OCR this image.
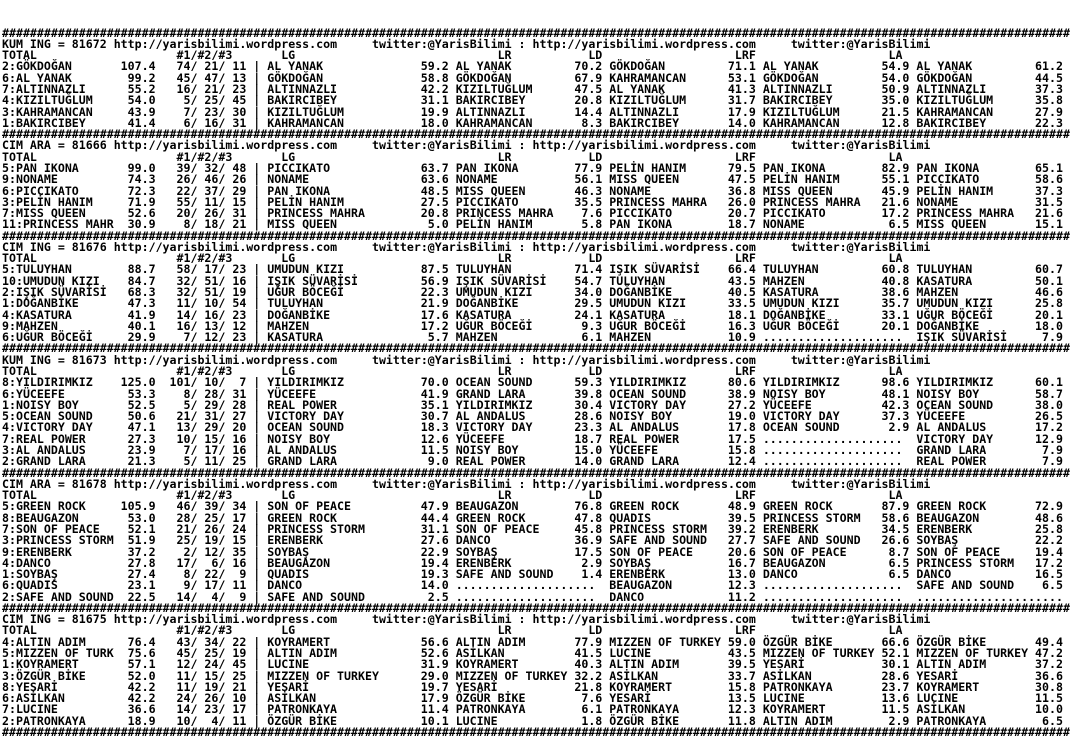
#########################################################################################################################################################
KUM ING = 81672 http://yarisbilimi.wordpress.com	twitter:@YarisBilimi : http://yarisbilimi.wordpress.com	twitter:@YarisBilimi
TOTAL                    #1/#2/#3       LG                             LR           LD                   LRF                   LA
2:GÖKDOĞAN       107.4   74/ 21/ 11 | AL YANAK              59.2 AL YANAK         70.2 GÖKDOĞAN         71.1 AL YANAK         54.9 AL YANAK         61.2
6:AL YANAK        99.2   45/ 47/ 13 | GÖKDOĞAN              58.8 GÖKDOĞAN         67.9 KAHRAMANCAN      53.1 GÖKDOĞAN         54.0 GÖKDOĞAN         44.5
7:ALTINNAZLI      55.2   16/ 21/ 23 | ALTINNAZLI            42.2 KIZILTUĞLUM      47.5 AL YANAK         41.3 ALTINNAZLI       50.9 ALTINNAZLI       37.3
4:KIZILTUĞLUM     54.0    5/ 25/ 45 | BAKIRCIBEY            31.1 BAKIRCIBEY       20.8 KIZILTUĞLUM      31.7 BAKIRCIBEY       35.0 KIZILTUĞLUM      35.8
3:KAHRAMANCAN     43.9    7/ 23/ 30 | KIZILTUĞLUM           19.9 ALTINNAZLI       14.4 ALTINNAZLI       17.9 KIZILTUĞLUM      21.5 KAHRAMANCAN      27.9
1:BAKIRCIBEY      41.4    6/ 16/ 31 | KAHRAMANCAN           18.0 KAHRAMANCAN       8.3 BAKIRCIBEY       14.0 KAHRAMANCAN      12.8 BAKIRCIBEY       22.3
#########################################################################################################################################################
CIM ARA = 81666 http://yarisbilimi.wordpress.com	twitter:@YarisBilimi : http://yarisbilimi.wordpress.com	twitter:@YarisBilimi
TOTAL                    #1/#2/#3       LG                             LR           LD                   LRF                   LA
5:PAN IKONA       99.0   39/ 32/ 48 | PICCIKATO             63.7 PAN IKONA        77.9 PELİN HANIM      79.5 PAN IKONA        82.9 PAN IKONA        65.1
9:NONAME          74.3   26/ 46/ 26 | NONAME                63.6 NONAME           56.1 MISS QUEEN       47.5 PELİN HANIM      55.1 PICCIKATO        58.6
6:PICCIKATO       72.3   22/ 37/ 29 | PAN IKONA             48.5 MISS QUEEN       46.3 NONAME           36.8 MISS QUEEN       45.9 PELİN HANIM      37.3
3:PELİN HANIM     71.9   55/ 11/ 15 | PELİN HANIM           27.5 PICCIKATO        35.5 PRINCESS MAHRA   26.0 PRINCESS MAHRA   21.6 NONAME           31.5
7:MISS QUEEN      52.6   20/ 26/ 31 | PRINCESS MAHRA        20.8 PRINCESS MAHRA    7.6 PICCIKATO        20.7 PICCIKATO        17.2 PRINCESS MAHRA   21.6
11:PRINCESS MAHR  30.9    8/ 18/ 21 | MISS QUEEN             5.0 PELİN HANIM       5.8 PAN IKONA        18.7 NONAME            6.5 MISS QUEEN       15.1
#########################################################################################################################################################
CIM ING = 81676 http://yarisbilimi.wordpress.com	twitter:@YarisBilimi : http://yarisbilimi.wordpress.com	twitter:@YarisBilimi
TOTAL                    #1/#2/#3       LG                             LR           LD                   LRF                   LA
5:TULUYHAN        88.7   58/ 17/ 23 | UMUDUN KIZI           87.5 TULUYHAN         71.4 IŞIK SÜVARİSİ    66.4 TULUYHAN         60.8 TULUYHAN         60.7
10:UMUDUN KIZI    84.7   32/ 51/ 16 | IŞIK SÜVARİSİ         56.9 IŞIK SÜVARİSİ    54.7 TULUYHAN         43.5 MAHZEN           40.8 KASATURA         50.1
2:IŞIK SÜVARİSİ   68.3   32/ 51/ 19 | UĞUR BÖCEĞİ           22.3 UMUDUN KIZI      34.0 DOĞANBİKE        40.5 KASATURA         38.6 MAHZEN           46.6
1:DOĞANBİKE       47.3   11/ 10/ 54 | TULUYHAN              21.9 DOĞANBİKE        29.5 UMUDUN KIZI      33.5 UMUDUN KIZI      35.7 UMUDUN KIZI      25.8
4:KASATURA        41.9   14/ 16/ 23 | DOĞANBİKE             17.6 KASATURA         24.1 KASATURA         18.1 DOĞANBİKE        33.1 UĞUR BÖCEĞİ      20.1
9:MAHZEN          40.1   16/ 13/ 12 | MAHZEN                17.2 UĞUR BÖCEĞİ       9.3 UĞUR BÖCEĞİ      16.3 UĞUR BÖCEĞİ      20.1 DOĞANBİKE        18.0
6:UĞUR BÖCEĞİ     29.9    7/ 12/ 23 | KASATURA               5.7 MAHZEN            6.1 MAHZEN           10.9 ....................  IŞIK SÜVARİSİ     7.9
#########################################################################################################################################################
KUM ING = 81673 http://yarisbilimi.wordpress.com	twitter:@YarisBilimi : http://yarisbilimi.wordpress.com	twitter:@YarisBilimi
TOTAL                    #1/#2/#3       LG                             LR           LD                   LRF                   LA
8:YILDIRIMKIZ    125.0  101/ 10/  7 | YILDIRIMKIZ           70.0 OCEAN SOUND      59.3 YILDIRIMKIZ      80.6 YILDIRIMKIZ      98.6 YILDIRIMKIZ      60.1
6:YÜCEEFE         53.3    8/ 28/ 31 | YÜCEEFE               41.9 GRAND LARA       39.8 OCEAN SOUND      38.9 NOISY BOY        48.1 NOISY BOY        58.7
1:NOISY BOY       52.5    5/ 29/ 28 | REAL POWER            35.1 YILDIRIMKIZ      30.4 VICTORY DAY      27.2 YÜCEEFE          42.3 OCEAN SOUND      38.0
5:OCEAN SOUND     50.6   21/ 31/ 27 | VICTORY DAY           30.7 AL ANDALUS       28.6 NOISY BOY        19.0 VICTORY DAY      37.3 YÜCEEFE          26.5
4:VICTORY DAY     47.1   13/ 29/ 20 | OCEAN SOUND           18.3 VICTORY DAY      23.3 AL ANDALUS       17.8 OCEAN SOUND       2.9 AL ANDALUS       17.2
7:REAL POWER      27.3   10/ 15/ 16 | NOISY BOY             12.6 YÜCEEFE          18.7 REAL POWER       17.5 ....................  VICTORY DAY      12.9
3:AL ANDALUS      23.9    7/ 17/ 16 | AL ANDALUS            11.5 NOISY BOY        15.0 YÜCEEFE          15.8 ....................  GRAND LARA        7.9
2:GRAND LARA      21.3    5/ 11/ 25 | GRAND LARA             9.0 REAL POWER       14.0 GRAND LARA       12.4 ....................  REAL POWER        7.9
#########################################################################################################################################################
CIM ARA = 81678 http://yarisbilimi.wordpress.com	twitter:@YarisBilimi : http://yarisbilimi.wordpress.com	twitter:@YarisBilimi
TOTAL                    #1/#2/#3       LG                             LR           LD                   LRF                   LA
5:GREEN ROCK     105.9   46/ 39/ 34 | SON OF PEACE          47.9 BEAUGAZON        76.8 GREEN ROCK       48.9 GREEN ROCK       87.9 GREEN ROCK       72.9
8:BEAUGAZON       53.0   28/ 25/ 17 | GREEN ROCK            44.4 GREEN ROCK       47.8 QUADIS           39.5 PRINCESS STORM   58.6 BEAUGAZON        48.6
7:SON OF PEACE    52.1   21/ 26/ 24 | PRINCESS STORM        31.1 SON OF PEACE     45.8 PRINCESS STORM   39.2 ERENBERK         34.5 ERENBERK         25.8
3:PRINCESS STORM  51.9   25/ 19/ 15 | ERENBERK              27.6 DANCO            36.9 SAFE AND SOUND   27.7 SAFE AND SOUND   26.6 SOYBAŞ           22.2
9:ERENBERK        37.2    2/ 12/ 35 | SOYBAŞ                22.9 SOYBAŞ           17.5 SON OF PEACE     20.6 SON OF PEACE      8.7 SON OF PEACE     19.4
4:DANCO           27.8   17/  6/ 16 | BEAUGAZON             19.4 ERENBERK          2.9 SOYBAŞ           16.7 BEAUGAZON         6.5 PRINCESS STORM   17.2
1:SOYBAŞ          27.4    8/ 22/  9 | QUADIS                19.3 SAFE AND SOUND    1.4 ERENBERK         13.0 DANCO             6.5 DANCO            16.5
6:QUADIS          23.1    9/ 17/ 11 | DANCO                 14.0 ....................  BEAUGAZON        12.3 ....................  SAFE AND SOUND    6.5
2:SAFE AND SOUND  22.5   14/  4/  9 | SAFE AND SOUND         2.5 ....................  DANCO            11.2 ....................  .....................
#########################################################################################################################################################
CIM ING = 81675 http://yarisbilimi.wordpress.com	twitter:@YarisBilimi : http://yarisbilimi.wordpress.com	twitter:@YarisBilimi
TOTAL                    #1/#2/#3       LG                             LR           LD                   LRF                   LA
4:ALTIN ADIM      76.4   43/ 34/ 22 | KOYRAMERT             56.6 ALTIN ADIM       77.9 MIZZEN OF TURKEY 59.0 ÖZGÜR BİKE       66.6 ÖZGÜR BİKE       49.4
5:MIZZEN OF TURK  75.6   45/ 25/ 19 | ALTIN ADIM            52.6 ASİLKAN          41.5 LUCINE           43.5 MIZZEN OF TURKEY 52.1 MIZZEN OF TURKEY 47.2
1:KOYRAMERT       57.1   12/ 24/ 45 | LUCINE                31.9 KOYRAMERT        40.3 ALTIN ADIM       39.5 YESARİ           30.1 ALTIN ADIM       37.2
3:ÖZGÜR BİKE      52.0   11/ 15/ 25 | MIZZEN OF TURKEY      29.0 MIZZEN OF TURKEY 32.2 ASİLKAN          33.7 ASİLKAN          28.6 YESARİ           36.6
8:YESARİ          42.2   11/ 19/ 21 | YESARİ                19.7 YESARİ           21.8 KOYRAMERT        15.8 PATRONKAYA       23.7 KOYRAMERT        30.8
6:ASİLKAN         42.2   24/ 26/ 10 | ASİLKAN               17.9 ÖZGÜR BİKE        7.6 YESARİ           13.5 LUCINE           13.6 LUCINE           11.5
7:LUCINE          36.6   14/ 23/ 17 | PATRONKAYA            11.4 PATRONKAYA        6.1 PATRONKAYA       12.3 KOYRAMERT        11.5 ASİLKAN          10.0
2:PATRONKAYA      18.9   10/  4/ 11 | ÖZGÜR BİKE            10.1 LUCINE            1.8 ÖZGÜR BİKE       11.8 ALTIN ADIM        2.9 PATRONKAYA        6.5
#########################################################################################################################################################
